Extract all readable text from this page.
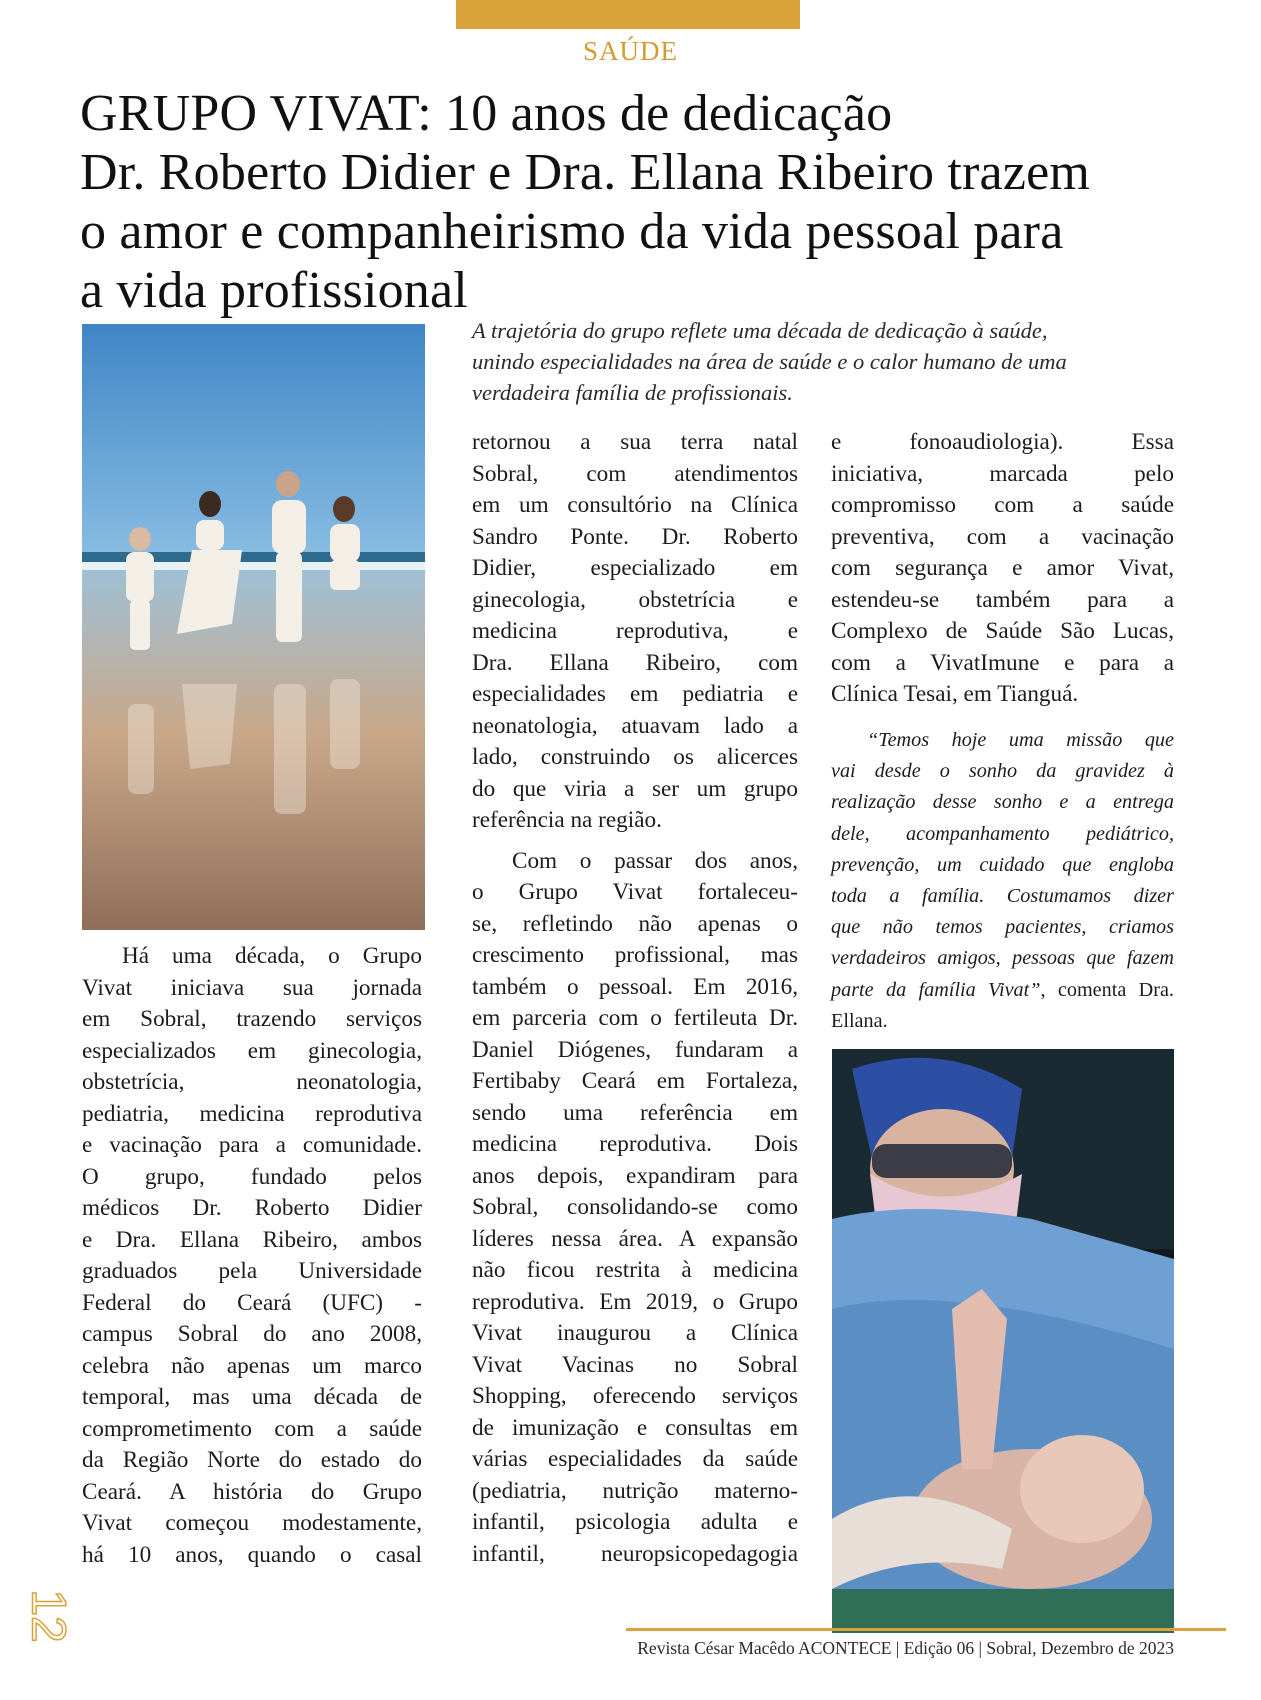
SAÚDE
GRUPO VIVAT: 10 anos de dedicação
Dr. Roberto Didier e Dra. Ellana Ribeiro trazem
o amor e companheirismo da vida pessoal para
a vida profissional
A trajetória do grupo reflete uma década de dedicação à saúde,
unindo especialidades na área de saúde e o calor humano de uma
verdadeira família de profissionais.
Há uma década, o Grupo
Vivat iniciava sua jornada
em Sobral, trazendo serviços
especializados em ginecologia,
obstetrícia, neonatologia,
pediatria, medicina reprodutiva
e vacinação para a comunidade.
O grupo, fundado pelos
médicos Dr. Roberto Didier
e Dra. Ellana Ribeiro, ambos
graduados pela Universidade
Federal do Ceará (UFC) -
campus Sobral do ano 2008,
celebra não apenas um marco
temporal, mas uma década de
comprometimento com a saúde
da Região Norte do estado do
Ceará. A história do Grupo
Vivat começou modestamente,
há 10 anos, quando o casal
retornou a sua terra natal
Sobral, com atendimentos
em um consultório na Clínica
Sandro Ponte. Dr. Roberto
Didier, especializado em
ginecologia, obstetrícia e
medicina reprodutiva, e
Dra. Ellana Ribeiro, com
especialidades em pediatria e
neonatologia, atuavam lado a
lado, construindo os alicerces
do que viria a ser um grupo
referência na região.
Com o passar dos anos,
o Grupo Vivat fortaleceu-
se, refletindo não apenas o
crescimento profissional, mas
também o pessoal. Em 2016,
em parceria com o fertileuta Dr.
Daniel Diógenes, fundaram a
Fertibaby Ceará em Fortaleza,
sendo uma referência em
medicina reprodutiva. Dois
anos depois, expandiram para
Sobral, consolidando-se como
líderes nessa área. A expansão
não ficou restrita à medicina
reprodutiva. Em 2019, o Grupo
Vivat inaugurou a Clínica
Vivat Vacinas no Sobral
Shopping, oferecendo serviços
de imunização e consultas em
várias especialidades da saúde
(pediatria, nutrição materno-
infantil, psicologia adulta e
infantil, neuropsicopedagogia
e fonoaudiologia). Essa
iniciativa, marcada pelo
compromisso com a saúde
preventiva, com a vacinação
com segurança e amor Vivat,
estendeu-se também para a
Complexo de Saúde São Lucas,
com a VivatImune e para a
Clínica Tesai, em Tianguá.
“Temos hoje uma missão que
vai desde o sonho da gravidez à
realização desse sonho e a entrega
dele, acompanhamento pediátrico,
prevenção, um cuidado que engloba
toda a família. Costumamos dizer
que não temos pacientes, criamos
verdadeiros amigos, pessoas que fazem
parte da família Vivat”, comenta Dra.
Ellana.
12
Revista César Macêdo ACONTECE | Edição 06 | Sobral, Dezembro de 2023
